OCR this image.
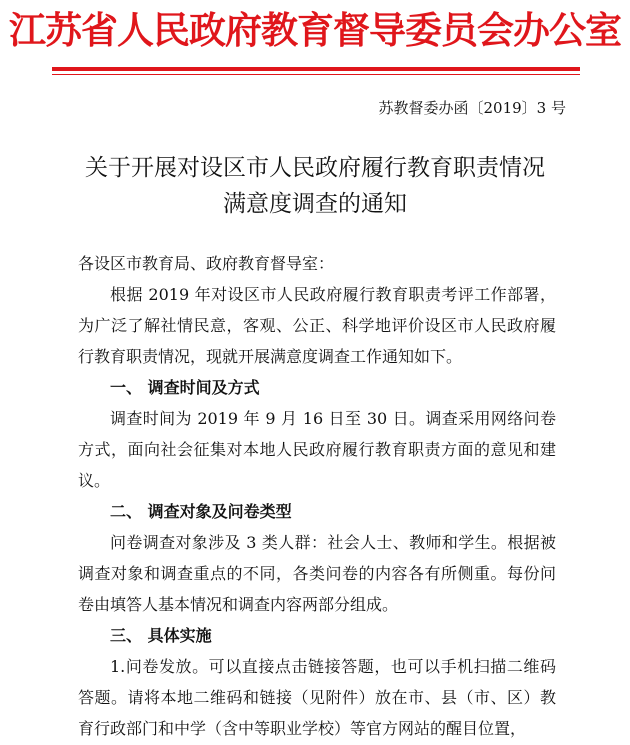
江苏省人民政府教育督导委员会办公室
苏教督委办函〔2019〕3 号
关于开展对设区市人民政府履行教育职责情况
满意度调查的通知

各设区市教育局、政府教育督导室：

根据 2019 年对设区市人民政府履行教育职责考评工作部署，为广泛了解社情民意，客观、公正、科学地评价设区市人民政府履行教育职责情况，现就开展满意度调查工作通知如下。

一、 调查时间及方式

调查时间为 2019 年 9 月 16 日至 30 日。调查采用网络问卷方式，面向社会征集对本地人民政府履行教育职责方面的意见和建议。

二、 调查对象及问卷类型

问卷调查对象涉及 3 类人群：社会人士、教师和学生。根据被调查对象和调查重点的不同，各类问卷的内容各有所侧重。每份问卷由填答人基本情况和调查内容两部分组成。

三、 具体实施

1.问卷发放。可以直接点击链接答题，也可以手机扫描二维码答题。请将本地二维码和链接（见附件）放在市、县（市、区）教育行政部门和中学（含中等职业学校）等官方网站的醒目位置，
